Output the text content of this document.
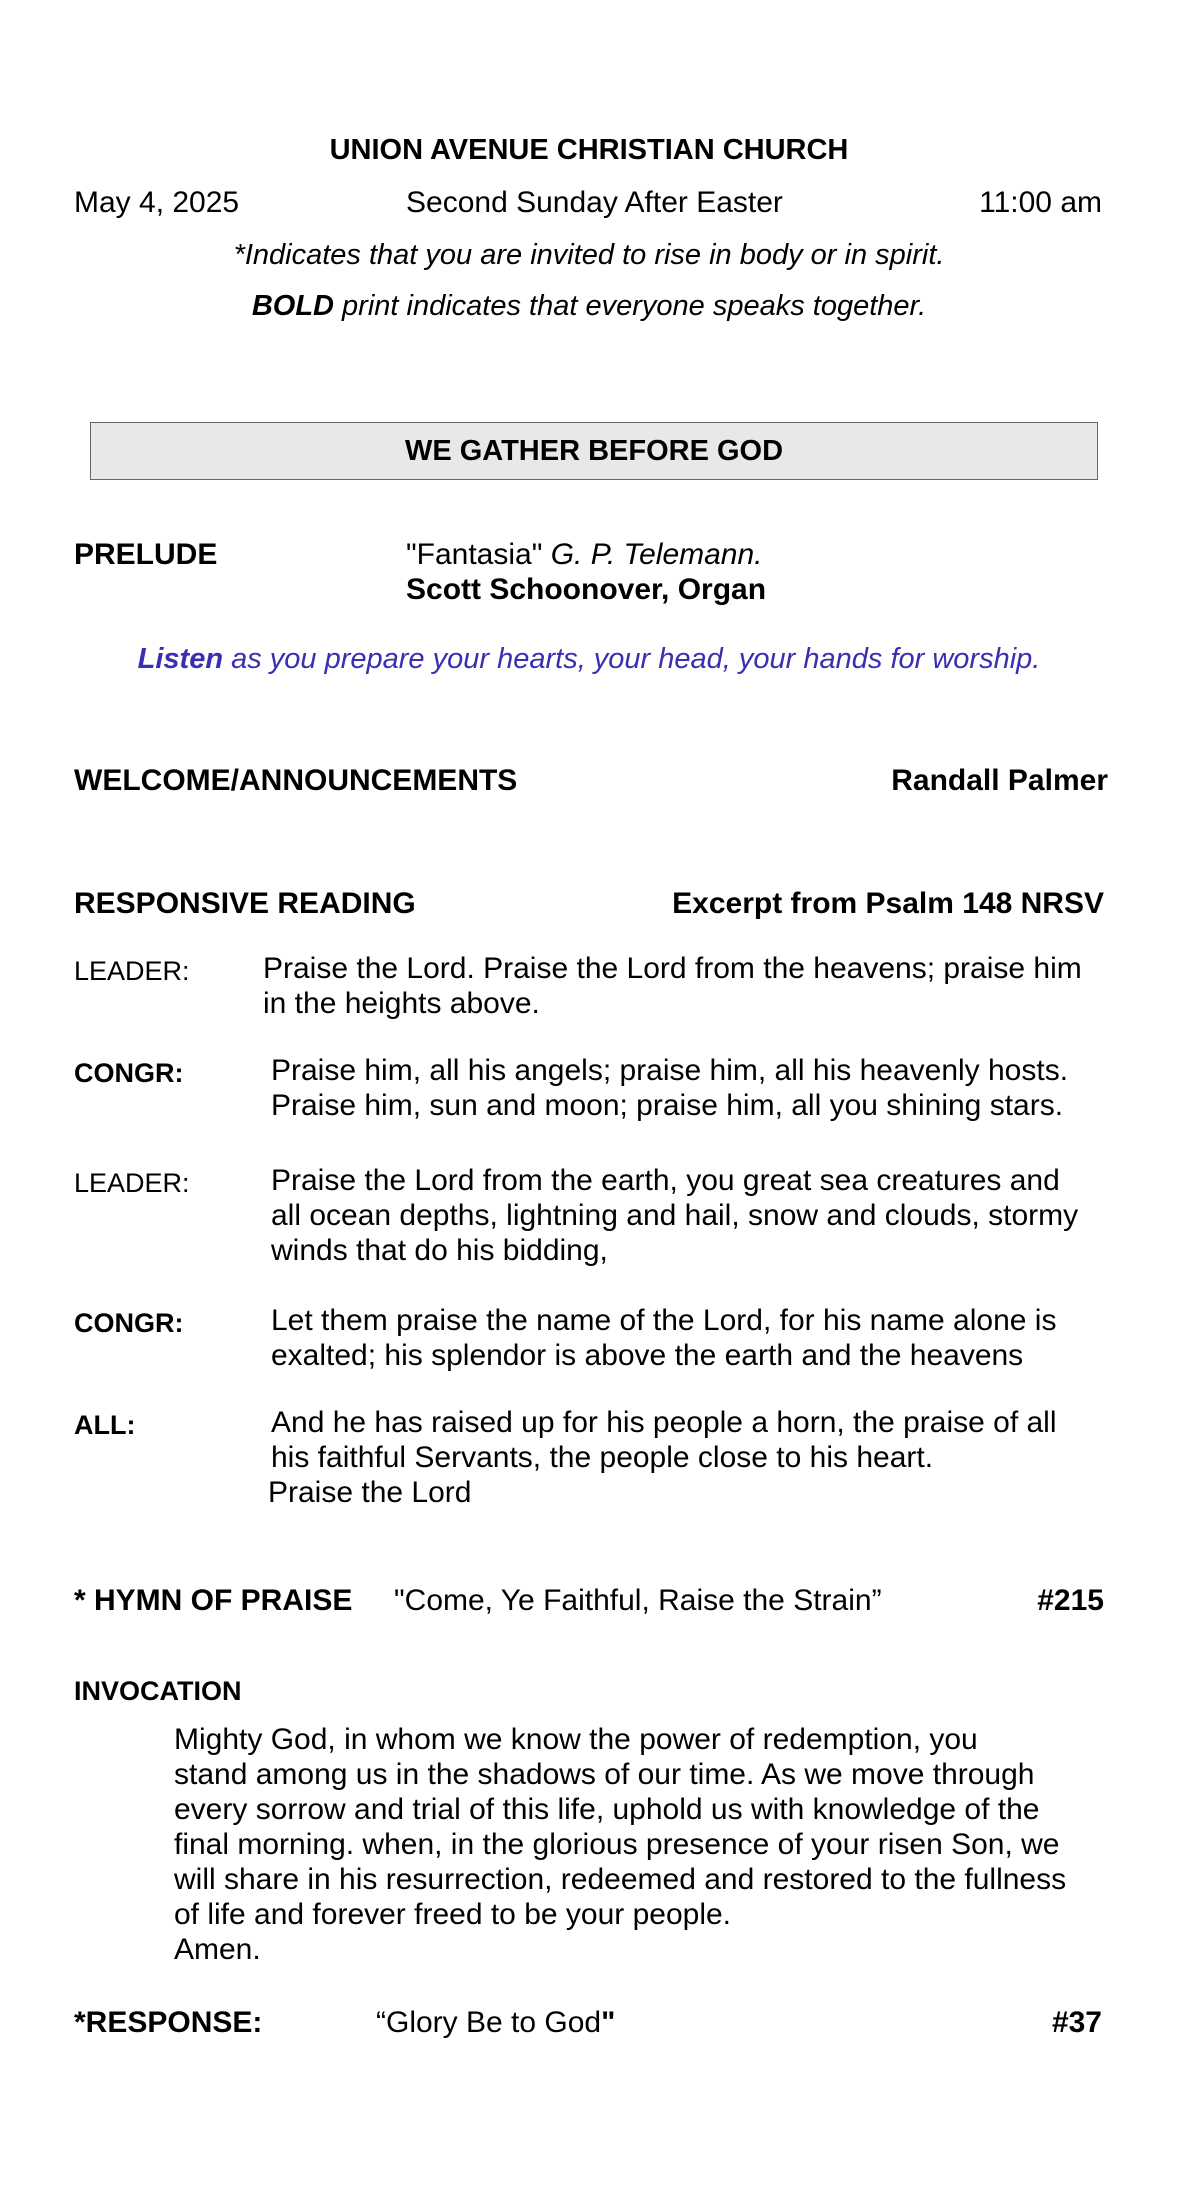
UNION AVENUE CHRISTIAN CHURCH
May 4, 2025	Second Sunday After Easter	11:00 am
*Indicates that you are invited to rise in body or in spirit.
BOLD print indicates that everyone speaks together.
WE GATHER BEFORE GOD
PRELUDE	"Fantasia" G. P. Telemann.
Scott Schoonover, Organ
Listen as you prepare your hearts, your head, your hands for worship.
WELCOME/ANNOUNCEMENTS	Randall Palmer
RESPONSIVE READING	Excerpt from Psalm 148 NRSV
LEADER: Praise the Lord. Praise the Lord from the heavens; praise him
in the heights above.
CONGR:	Praise him, all his angels; praise him, all his heavenly hosts.
Praise him, sun and moon; praise him, all you shining stars.
LEADER:	Praise the Lord from the earth, you great sea creatures and
all ocean depths, lightning and hail, snow and clouds, stormy
winds that do his bidding,
CONGR:	Let them praise the name of the Lord, for his name alone is
exalted; his splendor is above the earth and the heavens
ALL:	And he has raised up for his people a horn, the praise of all
his faithful Servants, the people close to his heart.
Praise the Lord
* HYMN OF PRAISE "Come, Ye Faithful, Raise the Strain”	#215
INVOCATION
Mighty God, in whom we know the power of redemption, you
stand among us in the shadows of our time. As we move through
every sorrow and trial of this life, uphold us with knowledge of the
final morning. when, in the glorious presence of your risen Son, we
will share in his resurrection, redeemed and restored to the fullness
of life and forever freed to be your people.
Amen.
*RESPONSE:	“Glory Be to God"	#37
